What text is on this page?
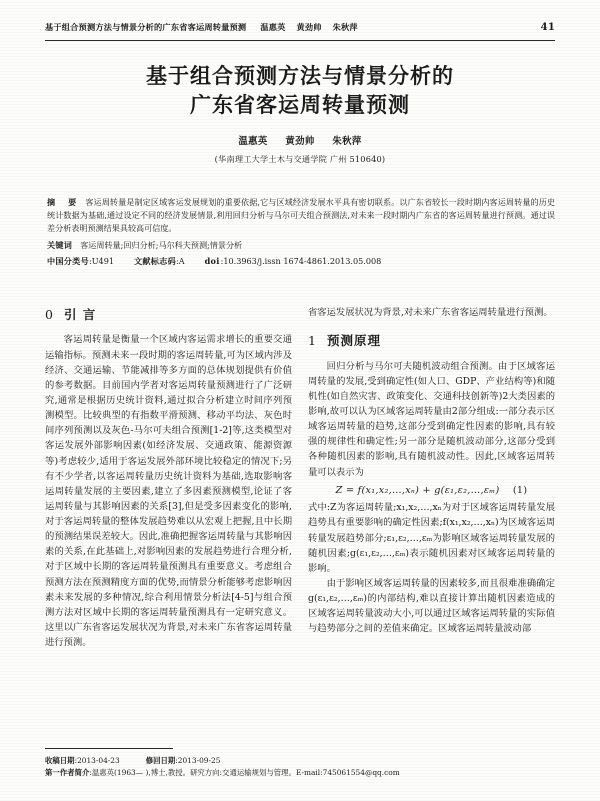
基于组合预测方法与情景分析的广东省客运周转量预测 温惠英 黄劲帅 朱秋萍	41
基于组合预测方法与情景分析的
广东省客运周转量预测
温惠英 黄劲帅 朱秋萍
(华南理工大学土木与交通学院 广州 510640)
摘 要 客运周转量是制定区域客运发展规划的重要依据,它与区域经济发展水平具有密切联系。以广东省较长一段时期内客运周转量的历史统计数据为基础,通过设定不同的经济发展情景,利用回归分析与马尔可夫组合预测法,对未来一段时期内广东省的客运周转量进行预测。通过误差分析表明预测结果具较高可信度。
关键词 客运周转量;回归分析;马尔科夫预测;情景分析
中国分类号:U491 文献标志码:A doi:10.3963/j.issn 1674-4861.2013.05.008
0 引 言

客运周转量是衡量一个区域内客运需求增长的重要交通运输指标。预测未来一段时期的客运周转量,可为区域内涉及经济、交通运输、节能减排等多方面的总体规划提供有价值的参考数据。目前国内学者对客运周转量预测进行了广泛研究,通常是根据历史统计资料,通过拟合分析建立时间序列预测模型。比较典型的有指数平滑预测、移动平均法、灰色时间序列预测以及灰色-马尔可夫组合预测[1-2]等,这类模型对客运发展外部影响因素(如经济发展、交通政策、能源资源等)考虑较少,适用于客运发展外部环境比较稳定的情况下;另有不少学者,以客运周转量历史统计资料为基础,选取影响客运周转量发展的主要因素,建立了多因素预测模型,论证了客运周转量与其影响因素的关系[3],但是受多因素变化的影响,对于客运周转量的整体发展趋势难以从宏观上把握,且中长期的预测结果误差较大。因此,准确把握客运周转量与其影响因素的关系,在此基础上,对影响因素的发展趋势进行合理分析,对于区域中长期的客运周转量预测具有重要意义。考虑组合预测方法在预测精度方面的优势,而情景分析能够考虑影响因素未来发展的多种情况,综合利用情景分析法[4-5]与组合预测方法对区域中长期的客运周转量预测具有一定研究意义。这里以广东省客运发展状况为背景,对未来广东省客运周转量进行预测。

省客运发展状况为背景,对未来广东省客运周转量进行预测。

1 预测原理

回归分析与马尔可夫随机波动组合预测。由于区域客运周转量的发展,受到确定性(如人口、GDP、产业结构等)和随机性(如自然灾害、政策变化、交通科技创新等)2大类因素的影响,故可以认为区域客运周转量由2部分组成:一部分表示区域客运周转量的趋势,这部分受到确定性因素的影响,具有较强的规律性和确定性;另一部分是随机波动部分,这部分受到各种随机因素的影响,具有随机波动性。因此,区域客运周转量可以表示为

Z = f(x₁,x₂,…,xₙ) + g(ε₁,ε₂,…,εₘ) (1)

式中:Z为客运周转量;x₁,x₂,…,xₙ为对于区域客运周转量发展趋势具有重要影响的确定性因素;f(x₁,x₂,…,xₙ)为区域客运周转量发展趋势部分;ε₁,ε₂,…,εₘ为影响区域客运周转量发展的随机因素;g(ε₁,ε₂,…,εₘ)表示随机因素对区域客运周转量的影响。

由于影响区域客运周转量的因素较多,而且很难准确确定g(ε₁,ε₂,…,εₘ)的内部结构,难以直接计算出随机因素造成的区域客运周转量波动大小,可以通过区域客运周转量的实际值与趋势部分之间的差值来确定。区域客运周转量波动部

收稿日期:2013-04-23	修回日期:2013-09-25
第一作者简介 : 温惠英(1963— ),博士,教授。研究方向:交通运输规划与管理。E-mail:745061554@qq.com
